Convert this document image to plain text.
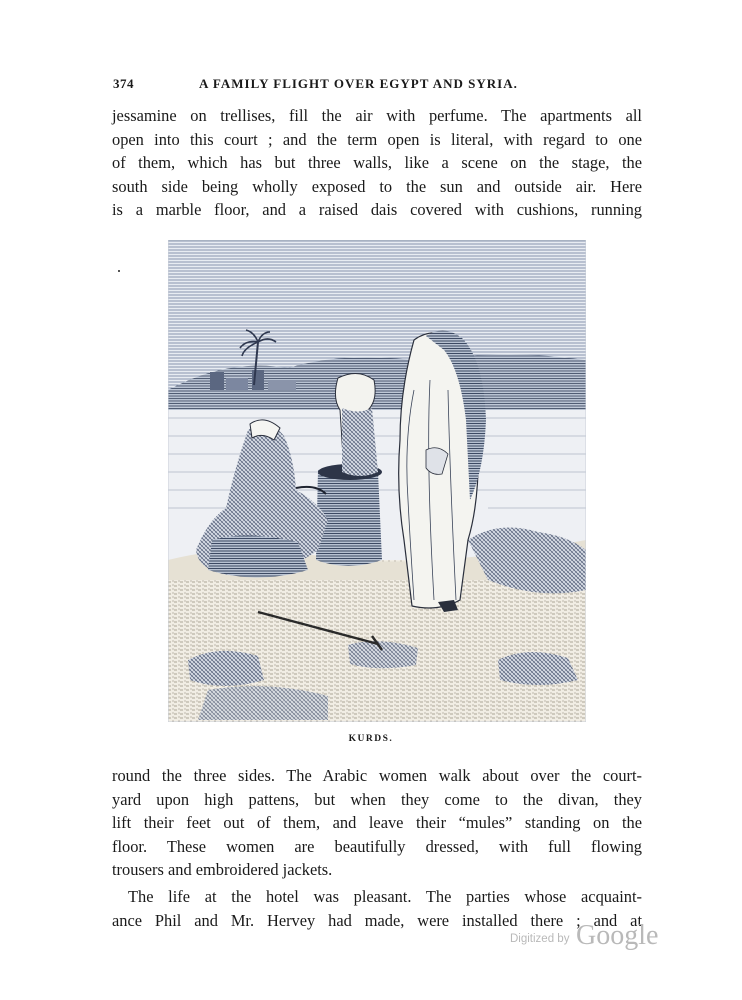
374	A FAMILY FLIGHT OVER EGYPT AND SYRIA.
jessamine on trellises, fill the air with perfume. The apartments all
open into this court ; and the term open is literal, with regard to one
of them, which has but three walls, like a scene on the stage, the
south side being wholly exposed to the sun and outside air. Here
is a marble floor, and a raised dais covered with cushions, running
KURDS.
round the three sides. The Arabic women walk about over the court-
yard upon high pattens, but when they come to the divan, they
lift their feet out of them, and leave their “mules” standing on the
floor. These women are beautifully dressed, with full flowing
trousers and embroidered jackets.
The life at the hotel was pleasant. The parties whose acquaint-
ance Phil and Mr. Hervey had made, were installed there ; and at
Digitized by Google
